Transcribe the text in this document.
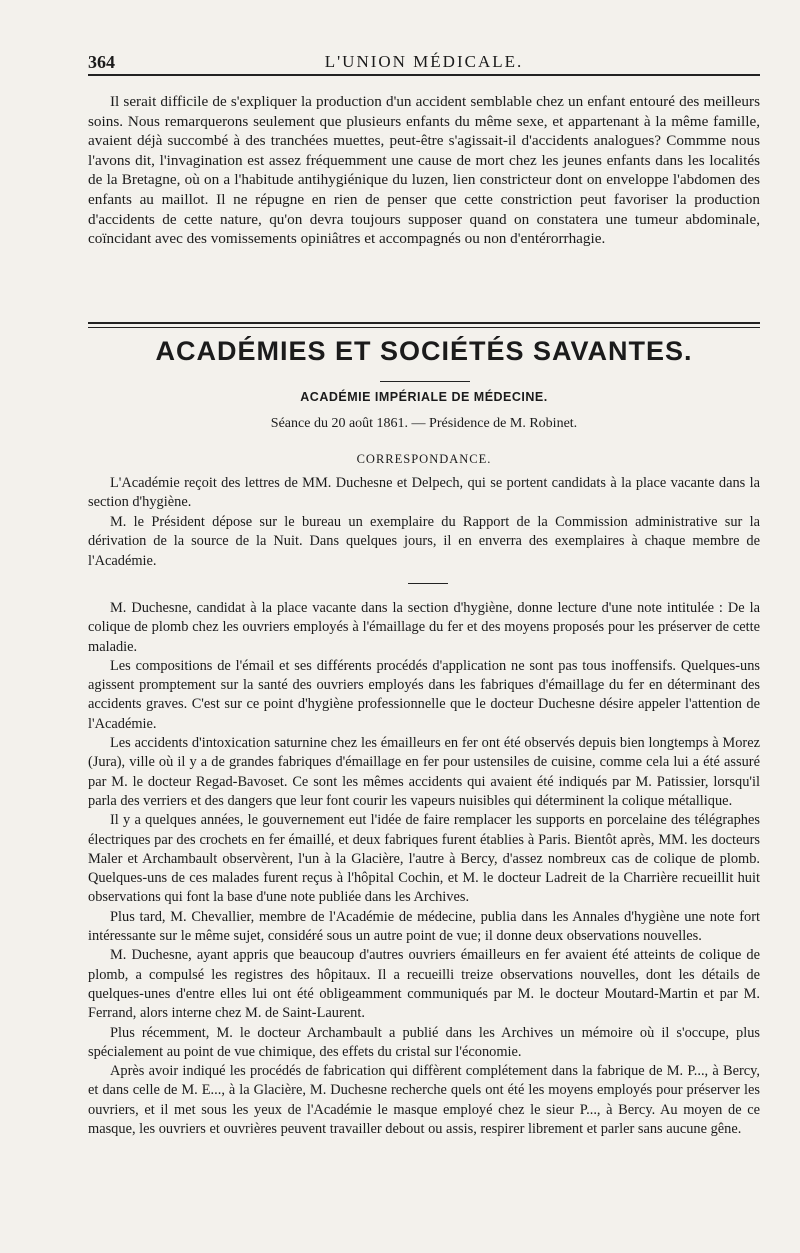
364	L'UNION MÉDICALE.

Il serait difficile de s'expliquer la production d'un accident semblable chez un enfant entouré des meilleurs soins. Nous remarquerons seulement que plusieurs enfants du même sexe, et appartenant à la même famille, avaient déjà succombé à des tranchées muettes, peut-être s'agissait-il d'accidents analogues? Commme nous l'avons dit, l'invagination est assez fréquemment une cause de mort chez les jeunes enfants dans les localités de la Bretagne, où on a l'habitude antihygiénique du luzen, lien constricteur dont on enveloppe l'abdomen des enfants au maillot. Il ne répugne en rien de penser que cette constriction peut favoriser la production d'accidents de cette nature, qu'on devra toujours supposer quand on constatera une tumeur abdominale, coïncidant avec des vomissements opiniâtres et accompagnés ou non d'entérorrhagie.

ACADÉMIES ET SOCIÉTÉS SAVANTES.
ACADÉMIE IMPÉRIALE DE MÉDECINE.
Séance du 20 août 1861. — Présidence de M. Robinet.
CORRESPONDANCE.

L'Académie reçoit des lettres de MM. Duchesne et Delpech, qui se portent candidats à la place vacante dans la section d'hygiène.

M. le Président dépose sur le bureau un exemplaire du Rapport de la Commission administrative sur la dérivation de la source de la Nuit. Dans quelques jours, il en enverra des exemplaires à chaque membre de l'Académie.

M. Duchesne, candidat à la place vacante dans la section d'hygiène, donne lecture d'une note intitulée : De la colique de plomb chez les ouvriers employés à l'émaillage du fer et des moyens proposés pour les préserver de cette maladie.

Les compositions de l'émail et ses différents procédés d'application ne sont pas tous inoffensifs. Quelques-uns agissent promptement sur la santé des ouvriers employés dans les fabriques d'émaillage du fer en déterminant des accidents graves. C'est sur ce point d'hygiène professionnelle que le docteur Duchesne désire appeler l'attention de l'Académie.

Les accidents d'intoxication saturnine chez les émailleurs en fer ont été observés depuis bien longtemps à Morez (Jura), ville où il y a de grandes fabriques d'émaillage en fer pour ustensiles de cuisine, comme cela lui a été assuré par M. le docteur Regad-Bavoset. Ce sont les mêmes accidents qui avaient été indiqués par M. Patissier, lorsqu'il parla des verriers et des dangers que leur font courir les vapeurs nuisibles qui déterminent la colique métallique.

Il y a quelques années, le gouvernement eut l'idée de faire remplacer les supports en porcelaine des télégraphes électriques par des crochets en fer émaillé, et deux fabriques furent établies à Paris. Bientôt après, MM. les docteurs Maler et Archambault observèrent, l'un à la Glacière, l'autre à Bercy, d'assez nombreux cas de colique de plomb. Quelques-uns de ces malades furent reçus à l'hôpital Cochin, et M. le docteur Ladreit de la Charrière recueillit huit observations qui font la base d'une note publiée dans les Archives.

Plus tard, M. Chevallier, membre de l'Académie de médecine, publia dans les Annales d'hygiène une note fort intéressante sur le même sujet, considéré sous un autre point de vue; il donne deux observations nouvelles.

M. Duchesne, ayant appris que beaucoup d'autres ouvriers émailleurs en fer avaient été atteints de colique de plomb, a compulsé les registres des hôpitaux. Il a recueilli treize observations nouvelles, dont les détails de quelques-unes d'entre elles lui ont été obligeamment communiqués par M. le docteur Moutard-Martin et par M. Ferrand, alors interne chez M. de Saint-Laurent.

Plus récemment, M. le docteur Archambault a publié dans les Archives un mémoire où il s'occupe, plus spécialement au point de vue chimique, des effets du cristal sur l'économie.

Après avoir indiqué les procédés de fabrication qui diffèrent complétement dans la fabrique de M. P..., à Bercy, et dans celle de M. E..., à la Glacière, M. Duchesne recherche quels ont été les moyens employés pour préserver les ouvriers, et il met sous les yeux de l'Académie le masque employé chez le sieur P..., à Bercy. Au moyen de ce masque, les ouvriers et ouvrières peuvent travailler debout ou assis, respirer librement et parler sans aucune gêne.
